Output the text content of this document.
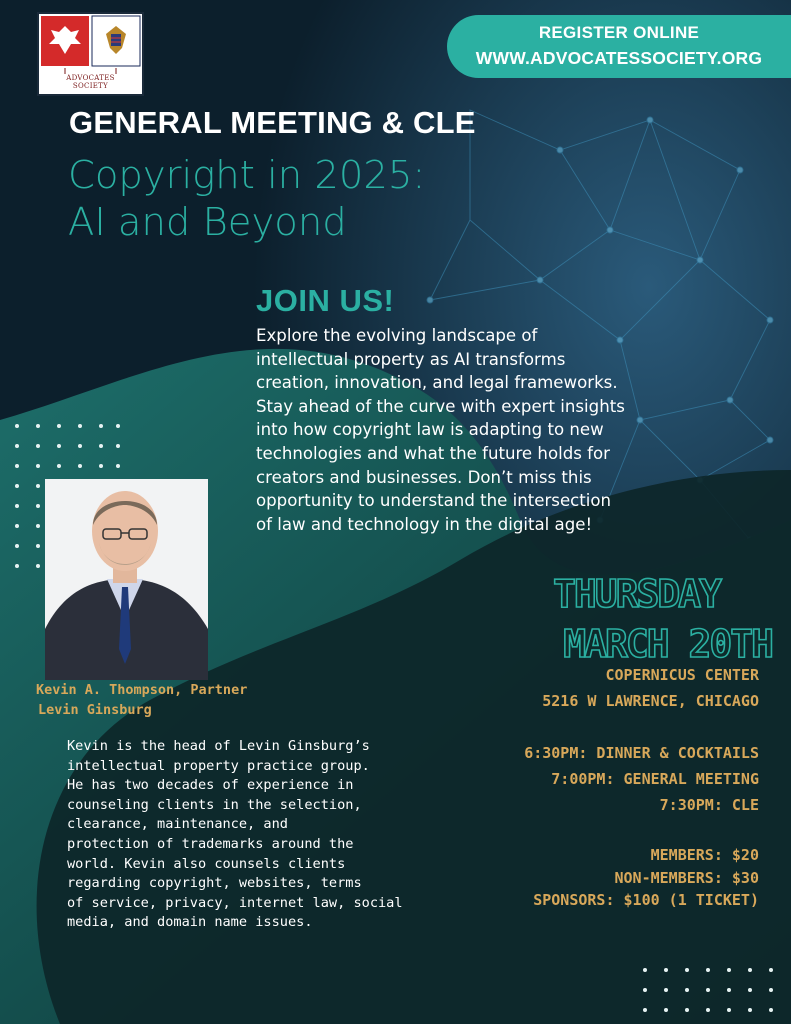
ADVOCATES
SOCIETY
REGISTER ONLINE
WWW.ADVOCATESSOCIETY.ORG
GENERAL MEETING & CLE
Copyright in 2025:
AI and Beyond
JOIN US!
Explore the evolving landscape of
intellectual property as AI transforms
creation, innovation, and legal frameworks.
Stay ahead of the curve with expert insights
into how copyright law is adapting to new
technologies and what the future holds for
creators and businesses. Don’t miss this
opportunity to understand the intersection
of law and technology in the digital age!
Kevin A. Thompson, Partner
Levin Ginsburg
Kevin is the head of Levin Ginsburg’s
intellectual property practice group.
He has two decades of experience in
counseling clients in the selection,
clearance, maintenance, and
protection of trademarks around the
world. Kevin also counsels clients
regarding copyright, websites, terms
of service, privacy, internet law, social
media, and domain name issues.
THURSDAY
MARCH 20TH
COPERNICUS CENTER
5216 W LAWRENCE, CHICAGO

6:30PM: DINNER & COCKTAILS
7:00PM: GENERAL MEETING
7:30PM: CLE
MEMBERS: $20
NON-MEMBERS: $30
SPONSORS: $100 (1 TICKET)
